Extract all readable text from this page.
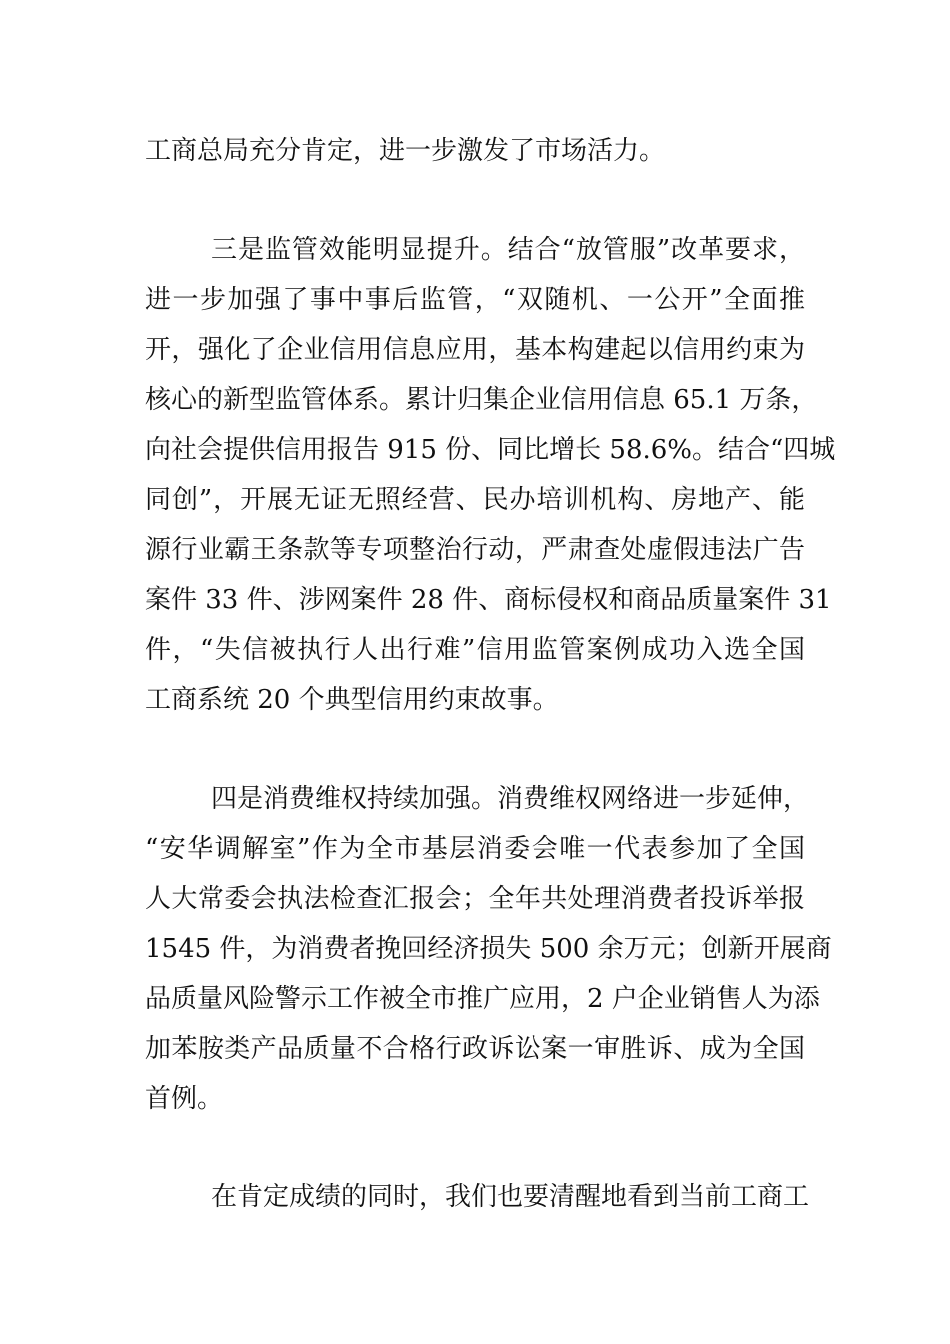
工商总局充分肯定，进一步激发了市场活力。
三是监管效能明显提升。结合“放管服”改革要求，
进一步加强了事中事后监管，“双随机、一公开”全面推
开，强化了企业信用信息应用，基本构建起以信用约束为
核心的新型监管体系。累计归集企业信用信息 65.1 万条，
向社会提供信用报告 915 份、同比增长 58.6%。结合“四城
同创”，开展无证无照经营、民办培训机构、房地产、能
源行业霸王条款等专项整治行动，严肃查处虚假违法广告
案件 33 件、涉网案件 28 件、商标侵权和商品质量案件 31
件，“失信被执行人出行难”信用监管案例成功入选全国
工商系统 20 个典型信用约束故事。
四是消费维权持续加强。消费维权网络进一步延伸，
“安华调解室”作为全市基层消委会唯一代表参加了全国
人大常委会执法检查汇报会；全年共处理消费者投诉举报
1545 件，为消费者挽回经济损失 500 余万元；创新开展商
品质量风险警示工作被全市推广应用，2 户企业销售人为添
加苯胺类产品质量不合格行政诉讼案一审胜诉、成为全国
首例。
在肯定成绩的同时，我们也要清醒地看到当前工商工
